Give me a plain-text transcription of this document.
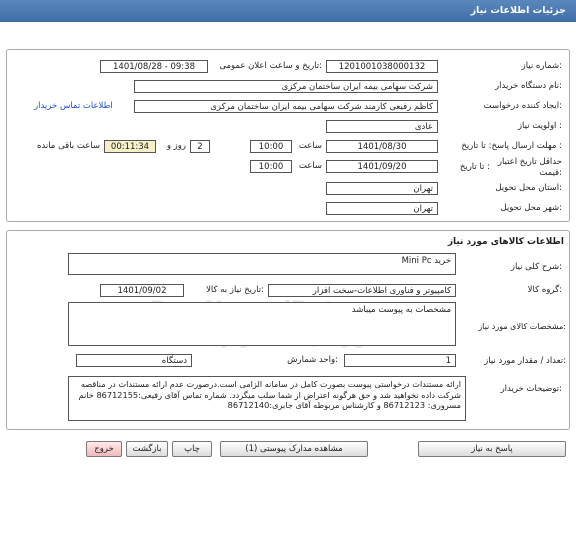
جزئیات اطلاعات نیاز
شماره نیاز:
1201001038000132
تاریخ و ساعت اعلان عمومی:
1401/08/28 - 09:38
نام دستگاه خریدار:
شرکت سهامی بیمه ایران ساختمان مرکزی
ایجاد کننده درخواست:
کاظم رفیعی کارمند شرکت سهامی بیمه ایران ساختمان مرکزی
اطلاعات تماس خریدار
اولویت نیاز :
عادی
مهلت ارسال پاسخ: تا تاریخ :
1401/08/30
ساعت
10:00
2
روز و
00:11:34
ساعت باقی مانده
حداقل تاریخ اعتبار
قیمت:
تا تاریخ :
1401/09/20
ساعت
10:00
استان محل تحویل:
تهران
شهر محل تحویل:
تهران
اطلاعات کالاهای مورد نیاز
شرح کلی نیاز:
خرید Mini Pc
گروه کالا:
کامپیوتر و فناوری اطلاعات-سخت افزار
تاریخ نیاز به کالا:
1401/09/02
مشخصات کالای مورد نیاز:
مشخصات به پیوست میباشد
تعداد / مقدار مورد نیاز:
1
واحد شمارش:
دستگاه
توضیحات خریدار:
ارائه مستندات درخواستی پیوست بصورت کامل در سامانه الزامی است.درصورت عدم ارائه مستندات در مناقصه شرکت داده نخواهید شد و حق هرگونه اعتراض از شما سلب میگردد. شماره تماس آقای رفیعی:86712155 خانم مسروری: 86712123 و کارشناس مربوطه آقای جابری:86712140
پاسخ به نیاز
مشاهده مدارک پیوستی (1)
چاپ
بازگشت
خروج
